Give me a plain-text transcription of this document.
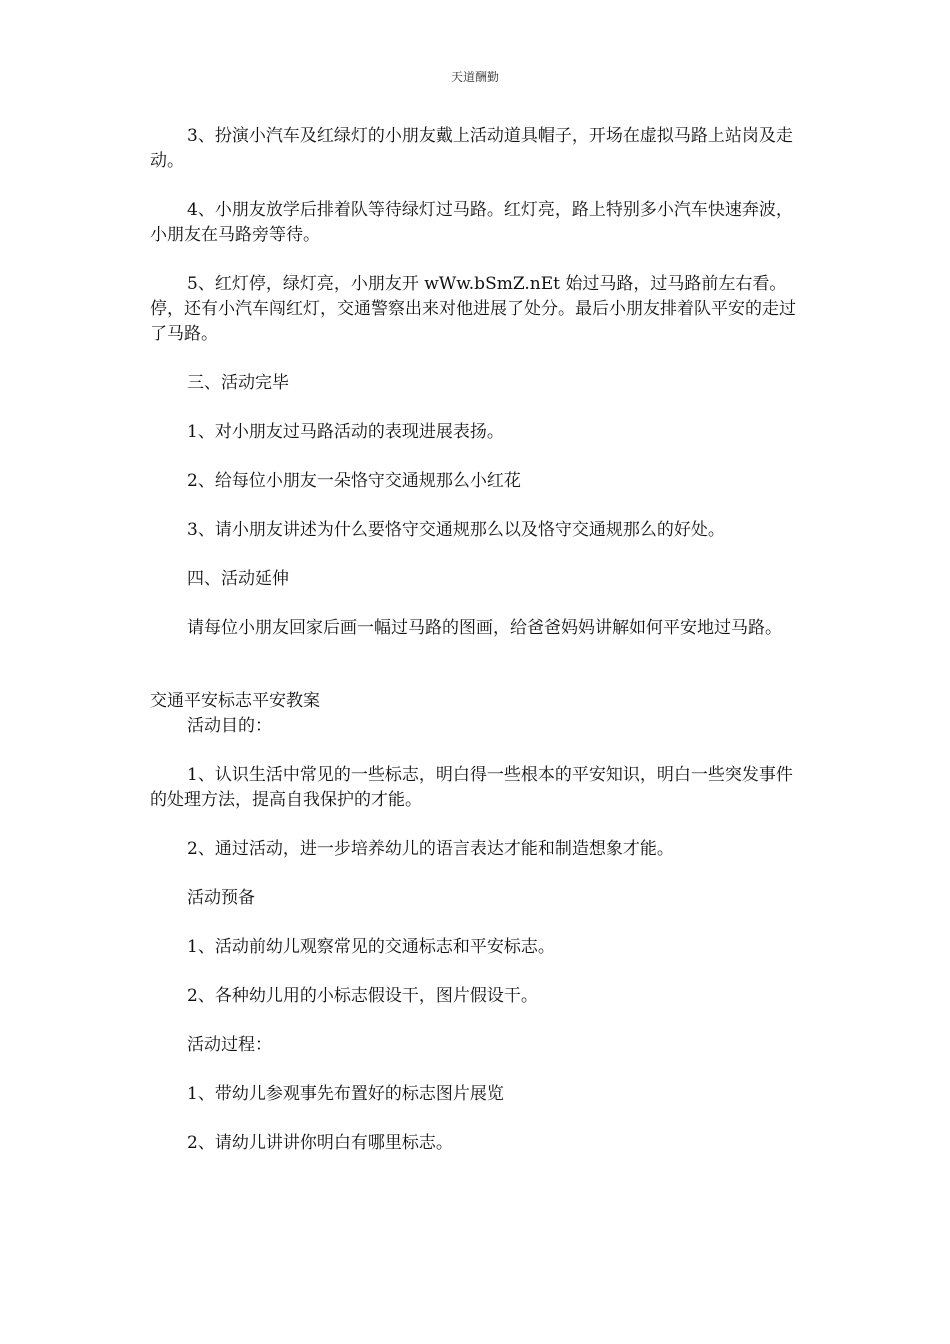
天道酬勤

3、扮演小汽车及红绿灯的小朋友戴上活动道具帽子，开场在虚拟马路上站岗及走动。

4、小朋友放学后排着队等待绿灯过马路。红灯亮，路上特别多小汽车快速奔波，小朋友在马路旁等待。

5、红灯停，绿灯亮，小朋友开 wWw.bSmZ.nEt 始过马路，过马路前左右看。停，还有小汽车闯红灯，交通警察出来对他进展了处分。最后小朋友排着队平安的走过了马路。

三、活动完毕

1、对小朋友过马路活动的表现进展表扬。

2、给每位小朋友一朵恪守交通规那么小红花

3、请小朋友讲述为什么要恪守交通规那么以及恪守交通规那么的好处。

四、活动延伸

请每位小朋友回家后画一幅过马路的图画，给爸爸妈妈讲解如何平安地过马路。

交通平安标志平安教案

活动目的：

1、认识生活中常见的一些标志，明白得一些根本的平安知识，明白一些突发事件的处理方法，提高自我保护的才能。

2、通过活动，进一步培养幼儿的语言表达才能和制造想象才能。

活动预备

1、活动前幼儿观察常见的交通标志和平安标志。

2、各种幼儿用的小标志假设干，图片假设干。

活动过程：

1、带幼儿参观事先布置好的标志图片展览

2、请幼儿讲讲你明白有哪里标志。
